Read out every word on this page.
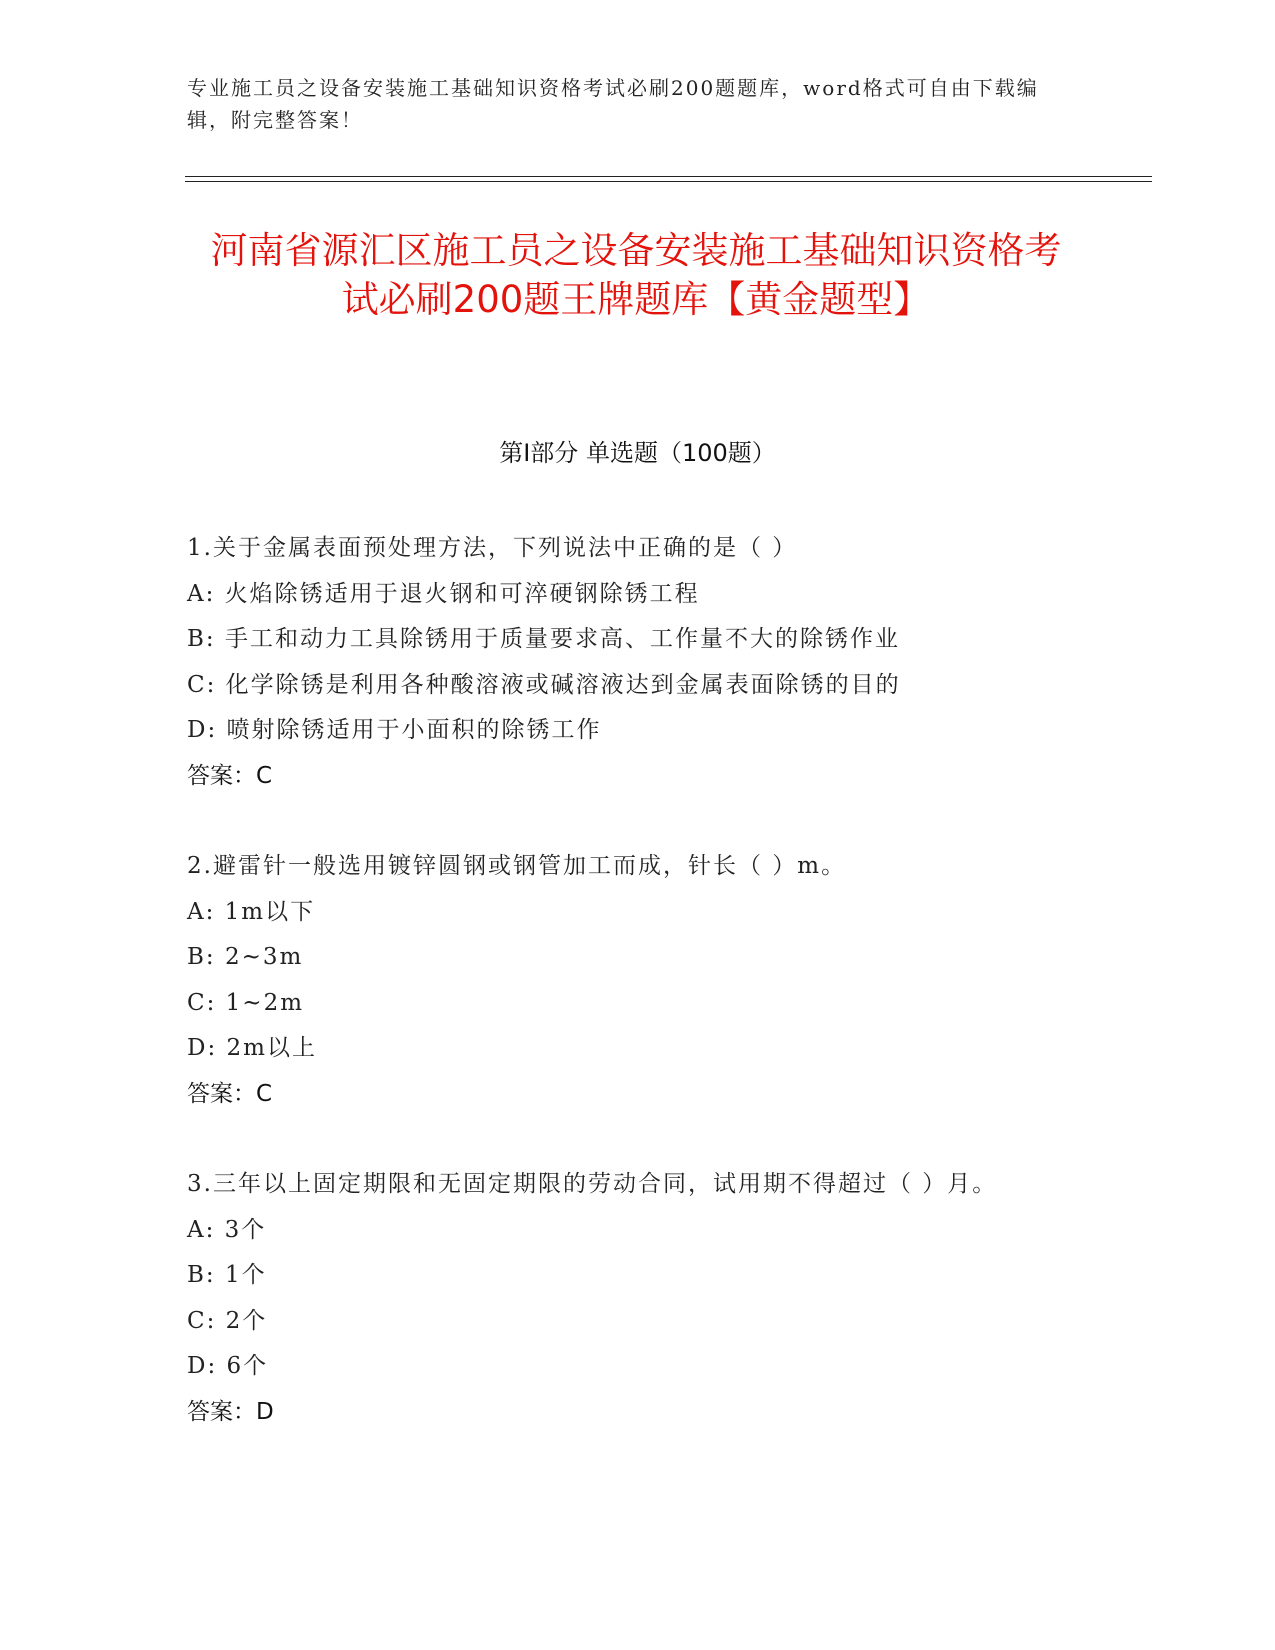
专业施工员之设备安装施工基础知识资格考试必刷200题题库，word格式可自由下载编辑，附完整答案！
河南省源汇区施工员之设备安装施工基础知识资格考试必刷200题王牌题库【黄金题型】
第I部分 单选题（100题）
1.关于金属表面预处理方法，下列说法中正确的是（ ）
A: 火焰除锈适用于退火钢和可淬硬钢除锈工程
B: 手工和动力工具除锈用于质量要求高、工作量不大的除锈作业
C: 化学除锈是利用各种酸溶液或碱溶液达到金属表面除锈的目的
D: 喷射除锈适用于小面积的除锈工作
答案：C
2.避雷针一般选用镀锌圆钢或钢管加工而成，针长（ ）m。
A: 1m以下
B: 2~3m
C: 1~2m
D: 2m以上
答案：C
3.三年以上固定期限和无固定期限的劳动合同，试用期不得超过（ ）月。
A: 3个
B: 1个
C: 2个
D: 6个
答案：D
